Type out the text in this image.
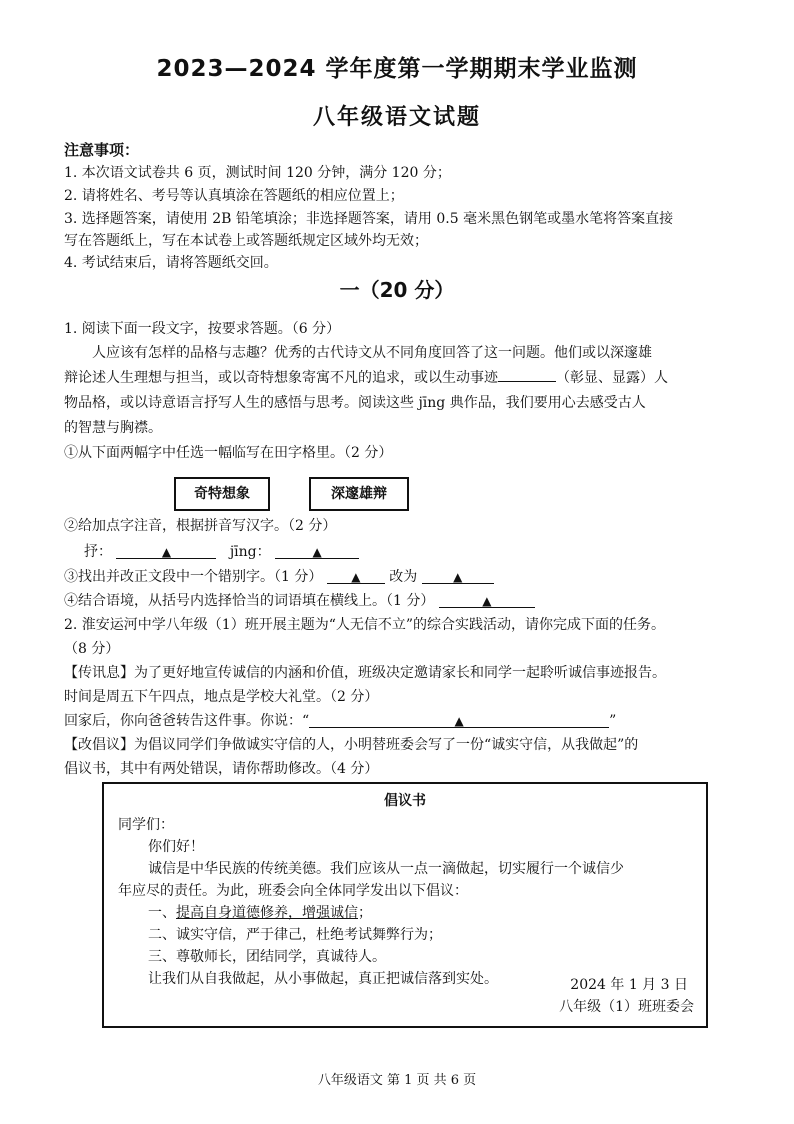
2023—2024 学年度第一学期期末学业监测
八年级语文试题
注意事项：
1. 本次语文试卷共 6 页，测试时间 120 分钟，满分 120 分；
2. 请将姓名、考号等认真填涂在答题纸的相应位置上；
3. 选择题答案，请使用 2B 铅笔填涂；非选择题答案，请用 0.5 毫米黑色钢笔或墨水笔将答案直接
写在答题纸上，写在本试卷上或答题纸规定区域外均无效；
4. 考试结束后，请将答题纸交回。
一（20 分）
1. 阅读下面一段文字，按要求答题。（6 分）
人应该有怎样的品格与志趣？优秀的古代诗文从不同角度回答了这一问题。他们或以深邃雄
辩论述人生理想与担当，或以奇特想象寄寓不凡的追求，或以生动事迹	（彰显、显露）人
物品格，或以诗意语言抒写人生的感悟与思考。阅读这些 jīng 典作品，我们要用心去感受古人
的智慧与胸襟。
①从下面两幅字中任选一幅临写在田字格里。（2 分）
奇特想象	深邃雄辩
②给加点字注音，根据拼音写汉字。（2 分）
抒：	▲	jīng：	▲
③找出并改正文段中一个错别字。（1 分） ▲ 改为	▲
④结合语境，从括号内选择恰当的词语填在横线上。（1 分）	▲
2. 淮安运河中学八年级（1）班开展主题为“人无信不立”的综合实践活动，请你完成下面的任务。
（8 分）
【传讯息】为了更好地宣传诚信的内涵和价值，班级决定邀请家长和同学一起聆听诚信事迹报告。
时间是周五下午四点，地点是学校大礼堂。（2 分）
回家后，你向爸爸转告这件事。你说：“	▲	”
【改倡议】为倡议同学们争做诚实守信的人，小明替班委会写了一份“诚实守信，从我做起”的
倡议书，其中有两处错误，请你帮助修改。（4 分）
倡议书
同学们：
你们好！
诚信是中华民族的传统美德。我们应该从一点一滴做起，切实履行一个诚信少
年应尽的责任。为此，班委会向全体同学发出以下倡议：
一、提高自身道德修养，增强诚信；
二、诚实守信，严于律己，杜绝考试舞弊行为；
三、尊敬师长，团结同学，真诚待人。
让我们从自我做起，从小事做起，真正把诚信落到实处。	2024 年 1 月 3 日
八年级（1）班班委会
八年级语文 第 1 页 共 6 页
